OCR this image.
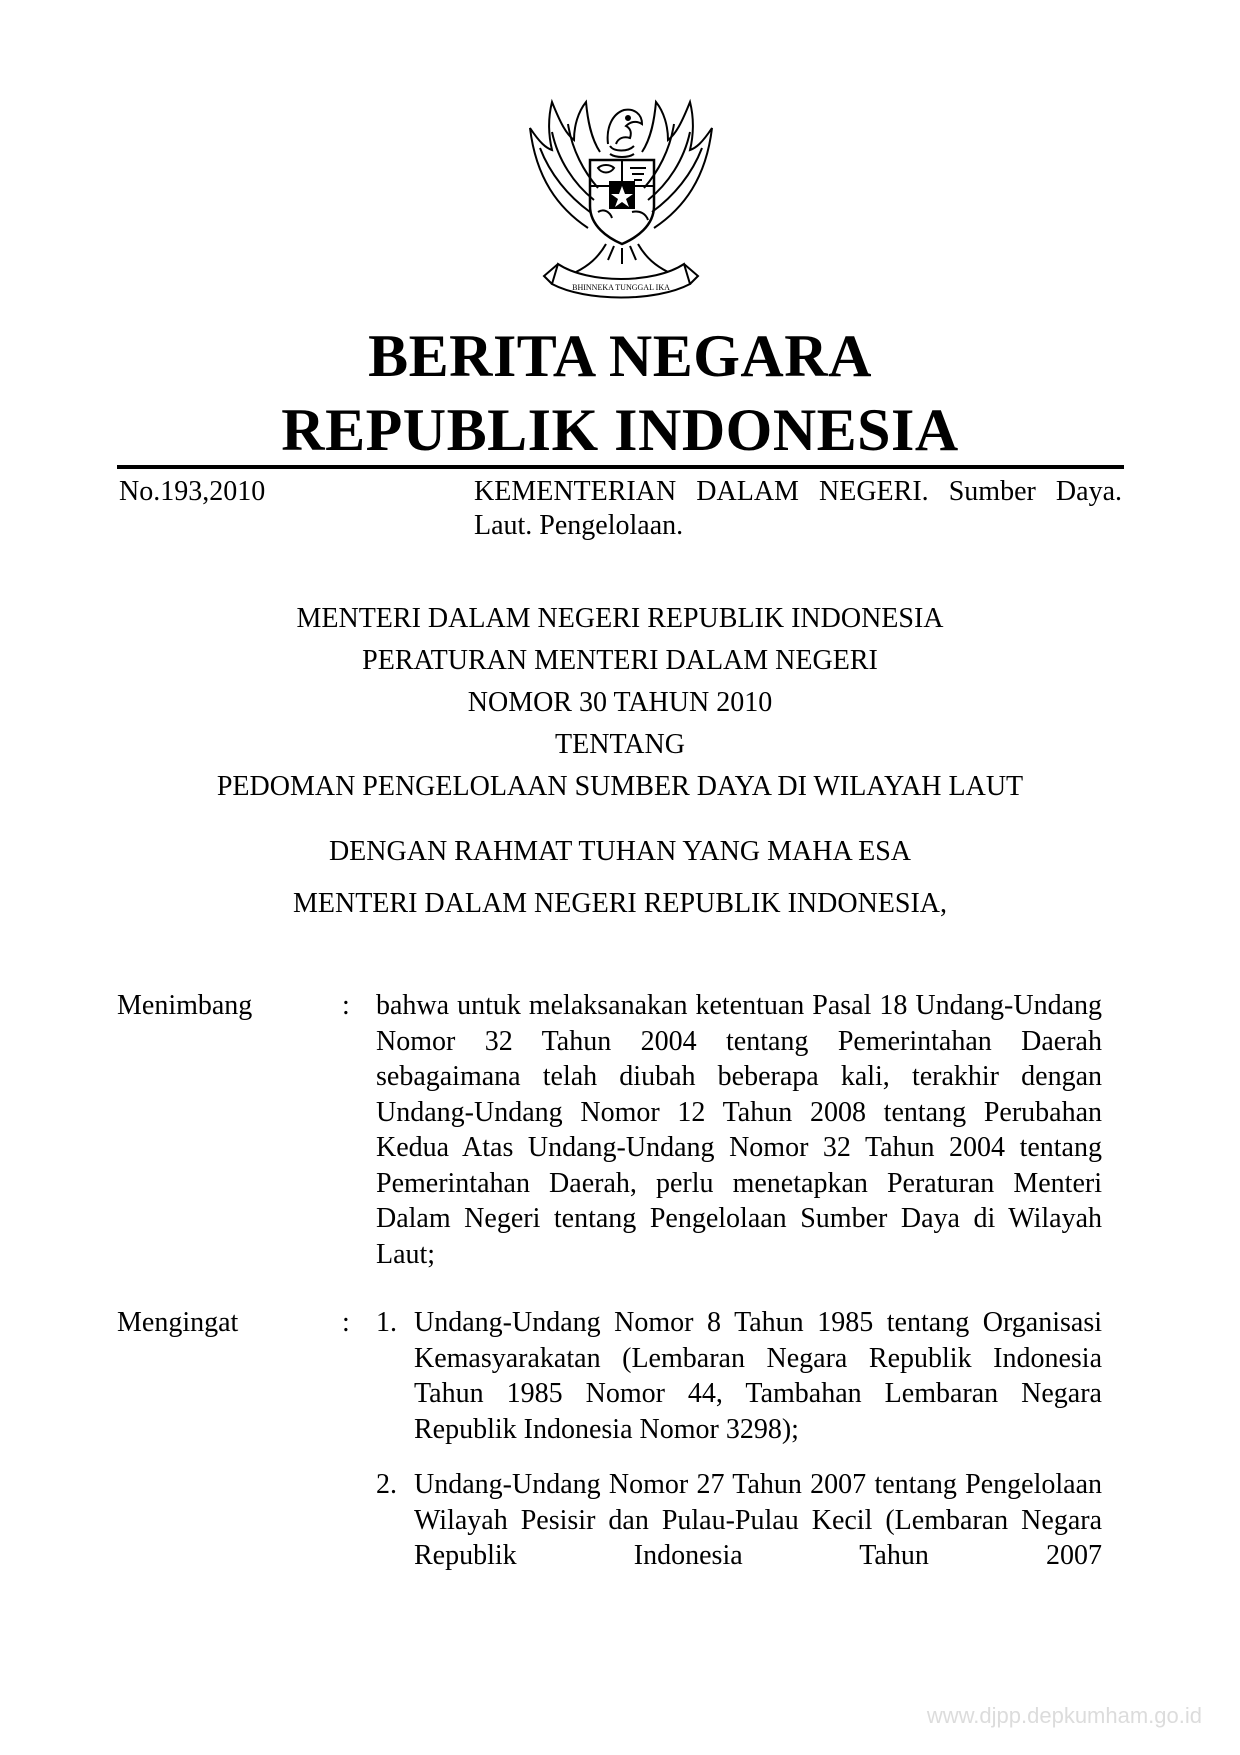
BHINNEKA TUNGGAL IKA
BERITA NEGARA
REPUBLIK INDONESIA
No.193,2010	KEMENTERIAN DALAM NEGERI. Sumber Daya. Laut. Pengelolaan.
MENTERI DALAM NEGERI REPUBLIK INDONESIA
PERATURAN MENTERI DALAM NEGERI
NOMOR 30 TAHUN 2010
TENTANG
PEDOMAN PENGELOLAAN SUMBER DAYA DI WILAYAH LAUT
DENGAN RAHMAT TUHAN YANG MAHA ESA
MENTERI DALAM NEGERI REPUBLIK INDONESIA,
Menimbang	: bahwa untuk melaksanakan ketentuan Pasal 18 Undang-Undang Nomor 32 Tahun 2004 tentang Pemerintahan Daerah sebagaimana telah diubah beberapa kali, terakhir dengan Undang-Undang Nomor 12 Tahun 2008 tentang Perubahan Kedua Atas Undang-Undang Nomor 32 Tahun 2004 tentang Pemerintahan Daerah, perlu menetapkan Peraturan Menteri Dalam Negeri tentang Pengelolaan Sumber Daya di Wilayah Laut;
Mengingat	: 1. Undang-Undang Nomor 8 Tahun 1985 tentang Organisasi Kemasyarakatan (Lembaran Negara Republik Indonesia Tahun 1985 Nomor 44, Tambahan Lembaran Negara Republik Indonesia Nomor 3298);
2. Undang-Undang Nomor 27 Tahun 2007 tentang Pengelolaan Wilayah Pesisir dan Pulau-Pulau Kecil (Lembaran Negara Republik Indonesia Tahun 2007
www.djpp.depkumham.go.id
